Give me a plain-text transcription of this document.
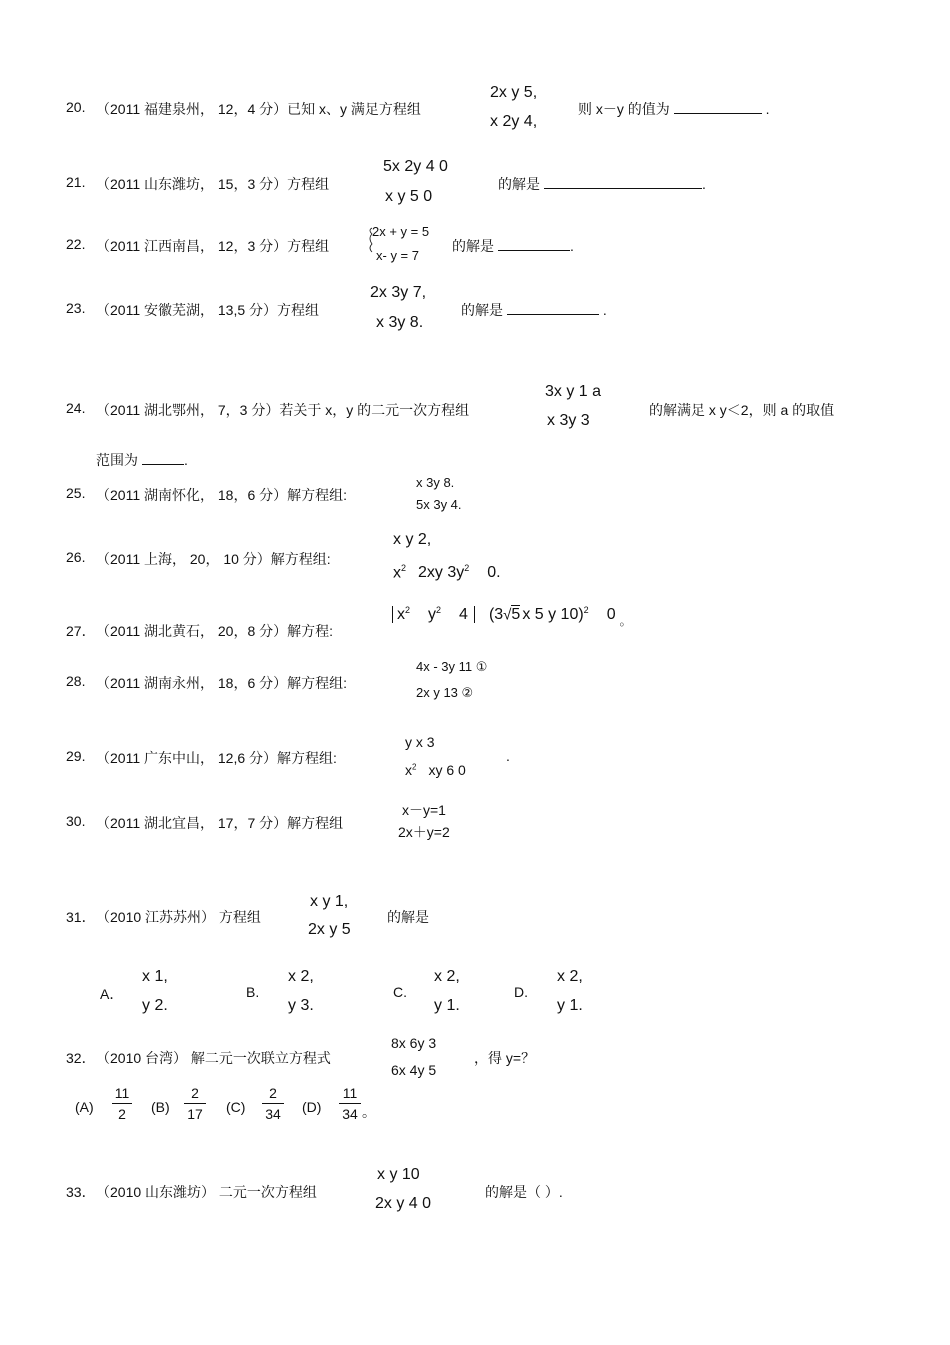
20. （2011 福建泉州， 12，4 分）已知 x、y 满足方程组
2x y 5,
x 2y 4,
则 x－y 的值为	.
21. （2011 山东潍坊， 15，3 分）方程组
5x 2y 4 0
x y 5 0
的解是	.
22. （2011 江西南昌， 12，3 分）方程组
2x + y = 5
x- y = 7
的解是	.
23. （2011 安徽芜湖， 13,5 分）方程组
2x 3y 7,
x 3y 8.
的解是	.
24. （2011 湖北鄂州， 7，3 分）若关于 x，y 的二元一次方程组
3x y 1 a
x 3y 3
的解满足 x y＜2，则 a 的取值
范围为	.
25. （2011 湖南怀化， 18，6 分）解方程组:
x 3y 8.
5x 3y 4.
26. （2011 上海， 20， 10 分）解方程组:
x y 2,
$x^2$ 2xy $3y^2$ 0.
27． （2011 湖北黄石， 20，8 分）解方程:
$x^2$ $y^2$ 4 (3√5 x 5 y 10)$^2$ 0 $_。$
28. （2011 湖南永州， 18，6 分）解方程组:
4x - 3y 11 ①
2x y 13 ②
29. （2011 广东中山， 12,6 分）解方程组:
y x 3
$x^2$ xy 6 0
.
30. （2011 湖北宜昌， 17，7 分）解方程组
x－y=1
2x＋y=2
31． （2010 江苏苏州） 方程组
x y 1,
2x y 5
的解是
A．
x 1,
y 2.
B.
x 2,
y 3.
C.
x 2,
y 1.
D.
x 2,
y 1.
32． （2010 台湾） 解二元一次联立方程式
8x 6y 3
6x 4y 5
，得 y=？
(A)
11
2	(B)
2
17 (C)
2
34 (D)
11
34 。
33． （2010 山东潍坊） 二元一次方程组
x y 10
2x y 4 0
的解是（ ）.
